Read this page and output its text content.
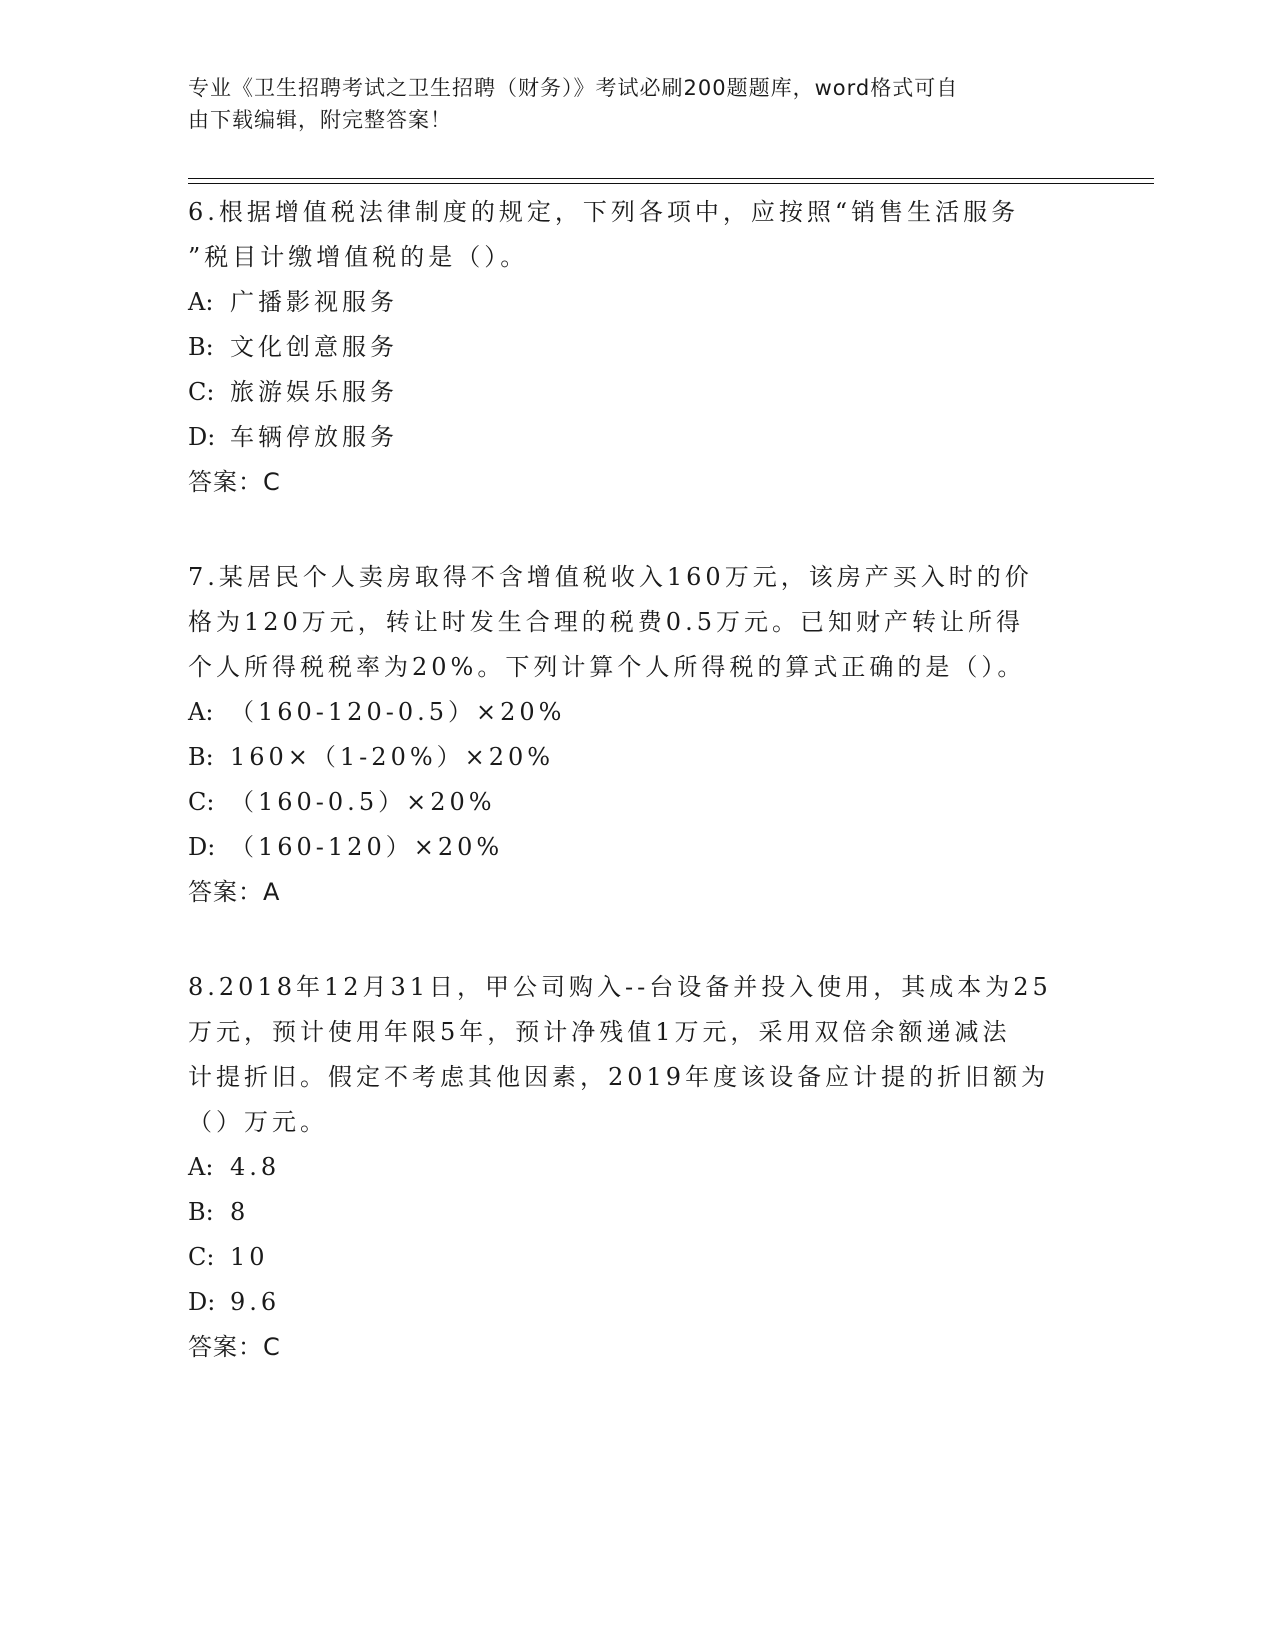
专业《卫生招聘考试之卫生招聘（财务）》考试必刷200题题库，word格式可自
由下载编辑，附完整答案！

6.根据增值税法律制度的规定，下列各项中，应按照“销售生活服务

”税目计缴增值税的是（）。

A: 广播影视服务
B: 文化创意服务
C: 旅游娱乐服务
D: 车辆停放服务

答案：C

7.某居民个人卖房取得不含增值税收入160万元，该房产买入时的价

格为120万元，转让时发生合理的税费0.5万元。已知财产转让所得

个人所得税税率为20%。下列计算个人所得税的算式正确的是（）。

A: （160-120-0.5）×20%
B: 160×（1-20%）×20%
C: （160-0.5）×20%
D: （160-120）×20%

答案：A

8.2018年12月31日，甲公司购入--台设备并投入使用，其成本为25

万元，预计使用年限5年，预计净残值1万元，采用双倍余额递减法

计提折旧。假定不考虑其他因素，2019年度该设备应计提的折旧额为

（）万元。

A: 4.8
B: 8
C: 10
D: 9.6

答案：C
